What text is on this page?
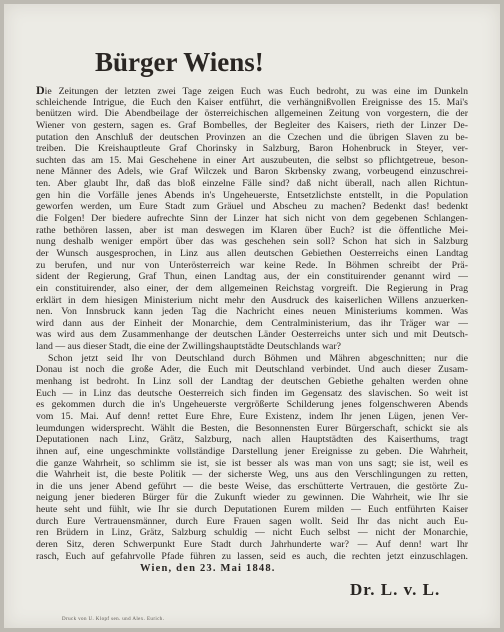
Bürger Wiens!
Die Zeitungen der letzten zwei Tage zeigen Euch was Euch bedroht, zu was eine im Dunkeln
schleichende Intrigue, die Euch den Kaiser entführt, die verhängnißvollen Ereignisse des 15. Mai's
benützen wird. Die Abendbeilage der österreichischen allgemeinen Zeitung von vorgestern, die der
Wiener von gestern, sagen es. Graf Bombelles, der Begleiter des Kaisers, rieth der Linzer De-
putation den Anschluß der deutschen Provinzen an die Czechen und die übrigen Slaven zu be-
treiben. Die Kreishauptleute Graf Chorinsky in Salzburg, Baron Hohenbruck in Steyer, ver-
suchten das am 15. Mai Geschehene in einer Art auszubeuten, die selbst so pflichtgetreue, beson-
nene Männer des Adels, wie Graf Wilczek und Baron Skrbensky zwang, vorbeugend einzuschrei-
ten. Aber glaubt Ihr, daß das bloß einzelne Fälle sind? daß nicht überall, nach allen Richtun-
gen hin die Vorfälle jenes Abends in's Ungeheuerste, Entsetzlichste entstellt, in die Population
geworfen werden, um Eure Stadt zum Gräuel und Abscheu zu machen? Bedenkt das! bedenkt
die Folgen! Der biedere aufrechte Sinn der Linzer hat sich nicht von dem gegebenen Schlangen-
rathe bethören lassen, aber ist man deswegen im Klaren über Euch? ist die öffentliche Mei-
nung deshalb weniger empört über das was geschehen sein soll? Schon hat sich in Salzburg
der Wunsch ausgesprochen, in Linz aus allen deutschen Gebiethen Oesterreichs einen Landtag
zu berufen, und nur von Unterösterreich war keine Rede. In Böhmen schreibt der Prä-
sident der Regierung, Graf Thun, einen Landtag aus, der ein constituirender genannt wird —
ein constituirender, also einer, der dem allgemeinen Reichstag vorgreift. Die Regierung in Prag
erklärt in dem hiesigen Ministerium nicht mehr den Ausdruck des kaiserlichen Willens anzuerken-
nen. Von Innsbruck kann jeden Tag die Nachricht eines neuen Ministeriums kommen. Was
wird dann aus der Einheit der Monarchie, dem Centralministerium, das ihr Träger war —
was wird aus dem Zusammenhange der deutschen Länder Oesterreichs unter sich und mit Deutsch-
land — aus dieser Stadt, die eine der Zwillingshauptstädte Deutschlands war?
Schon jetzt seid Ihr von Deutschland durch Böhmen und Mähren abgeschnitten; nur die
Donau ist noch die große Ader, die Euch mit Deutschland verbindet. Und auch dieser Zusam-
menhang ist bedroht. In Linz soll der Landtag der deutschen Gebiethe gehalten werden ohne
Euch — in Linz das deutsche Oesterreich sich finden im Gegensatz des slavischen. So weit ist
es gekommen durch die in's Ungeheuerste vergrößerte Schilderung jenes folgenschweren Abends
vom 15. Mai. Auf denn! rettet Eure Ehre, Eure Existenz, indem Ihr jenen Lügen, jenen Ver-
leumdungen widersprecht. Wählt die Besten, die Besonnensten Eurer Bürgerschaft, schickt sie als
Deputationen nach Linz, Grätz, Salzburg, nach allen Hauptstädten des Kaiserthums, tragt
ihnen auf, eine ungeschminkte vollständige Darstellung jener Ereignisse zu geben. Die Wahrheit,
die ganze Wahrheit, so schlimm sie ist, sie ist besser als was man von uns sagt; sie ist, weil es
die Wahrheit ist, die beste Politik — der sicherste Weg, uns aus den Verschlingungen zu retten,
in die uns jener Abend geführt — die beste Weise, das erschütterte Vertrauen, die gestörte Zu-
neigung jener biederen Bürger für die Zukunft wieder zu gewinnen. Die Wahrheit, wie Ihr sie
heute seht und fühlt, wie Ihr sie durch Deputationen Eurem milden — Euch entführten Kaiser
durch Eure Vertrauensmänner, durch Eure Frauen sagen wollt. Seid Ihr das nicht auch Eu-
ren Brüdern in Linz, Grätz, Salzburg schuldig — nicht Euch selbst — nicht der Monarchie,
deren Sitz, deren Schwerpunkt Eure Stadt durch Jahrhunderte war? — Auf denn! wart Ihr
rasch, Euch auf gefahrvolle Pfade führen zu lassen, seid es auch, die rechten jetzt einzuschlagen.
Wien, den 23. Mai 1848.
Dr. L. v. L.
Druck von U. Klopf sen. und Alex. Eurich.
